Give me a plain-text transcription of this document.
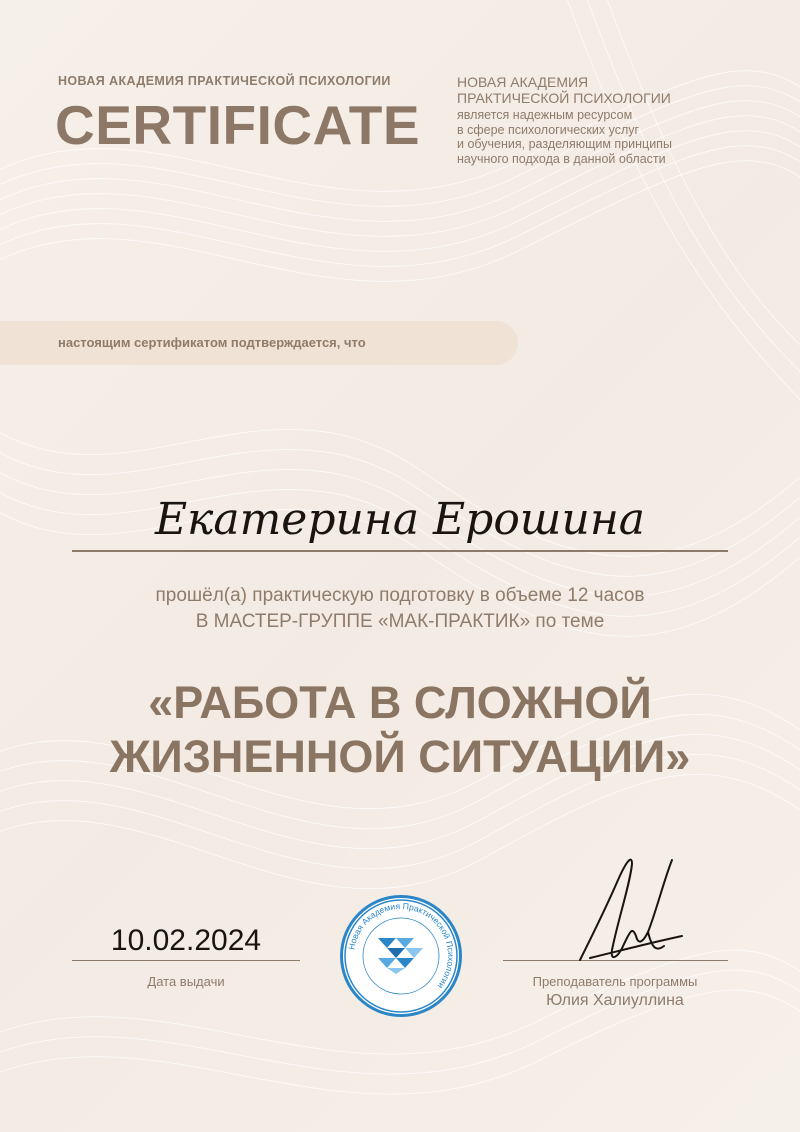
НОВАЯ АКАДЕМИЯ ПРАКТИЧЕСКОЙ ПСИХОЛОГИИ
CERTIFICATE
НОВАЯ АКАДЕМИЯ
ПРАКТИЧЕСКОЙ ПСИХОЛОГИИ
является надежным ресурсом
в сфере психологических услуг
и обучения, разделяющим принципы
научного подхода в данной области
настоящим сертификатом подтверждается, что
Екатерина Ерошина
прошёл(а) практическую подготовку в объеме 12 часов
В МАСТЕР-ГРУППЕ «МАК-ПРАКТИК» по теме
«РАБОТА В СЛОЖНОЙ
ЖИЗНЕННОЙ СИТУАЦИИ»
10.02.2024
Дата выдачи
Новая Академия Практической Психологии	Преподаватель программы
Юлия Халиуллина
